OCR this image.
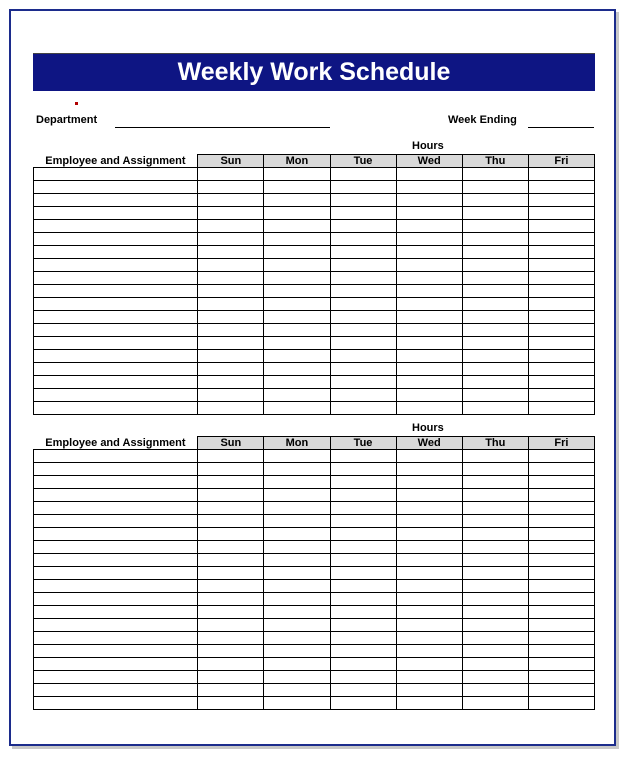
Weekly Work Schedule
Department	Week Ending
Hours
Employee and Assignment	Sun	Mon	Tue	Wed	Thu	Fri

Hours
Employee and Assignment	Sun	Mon	Tue	Wed	Thu	Fri
